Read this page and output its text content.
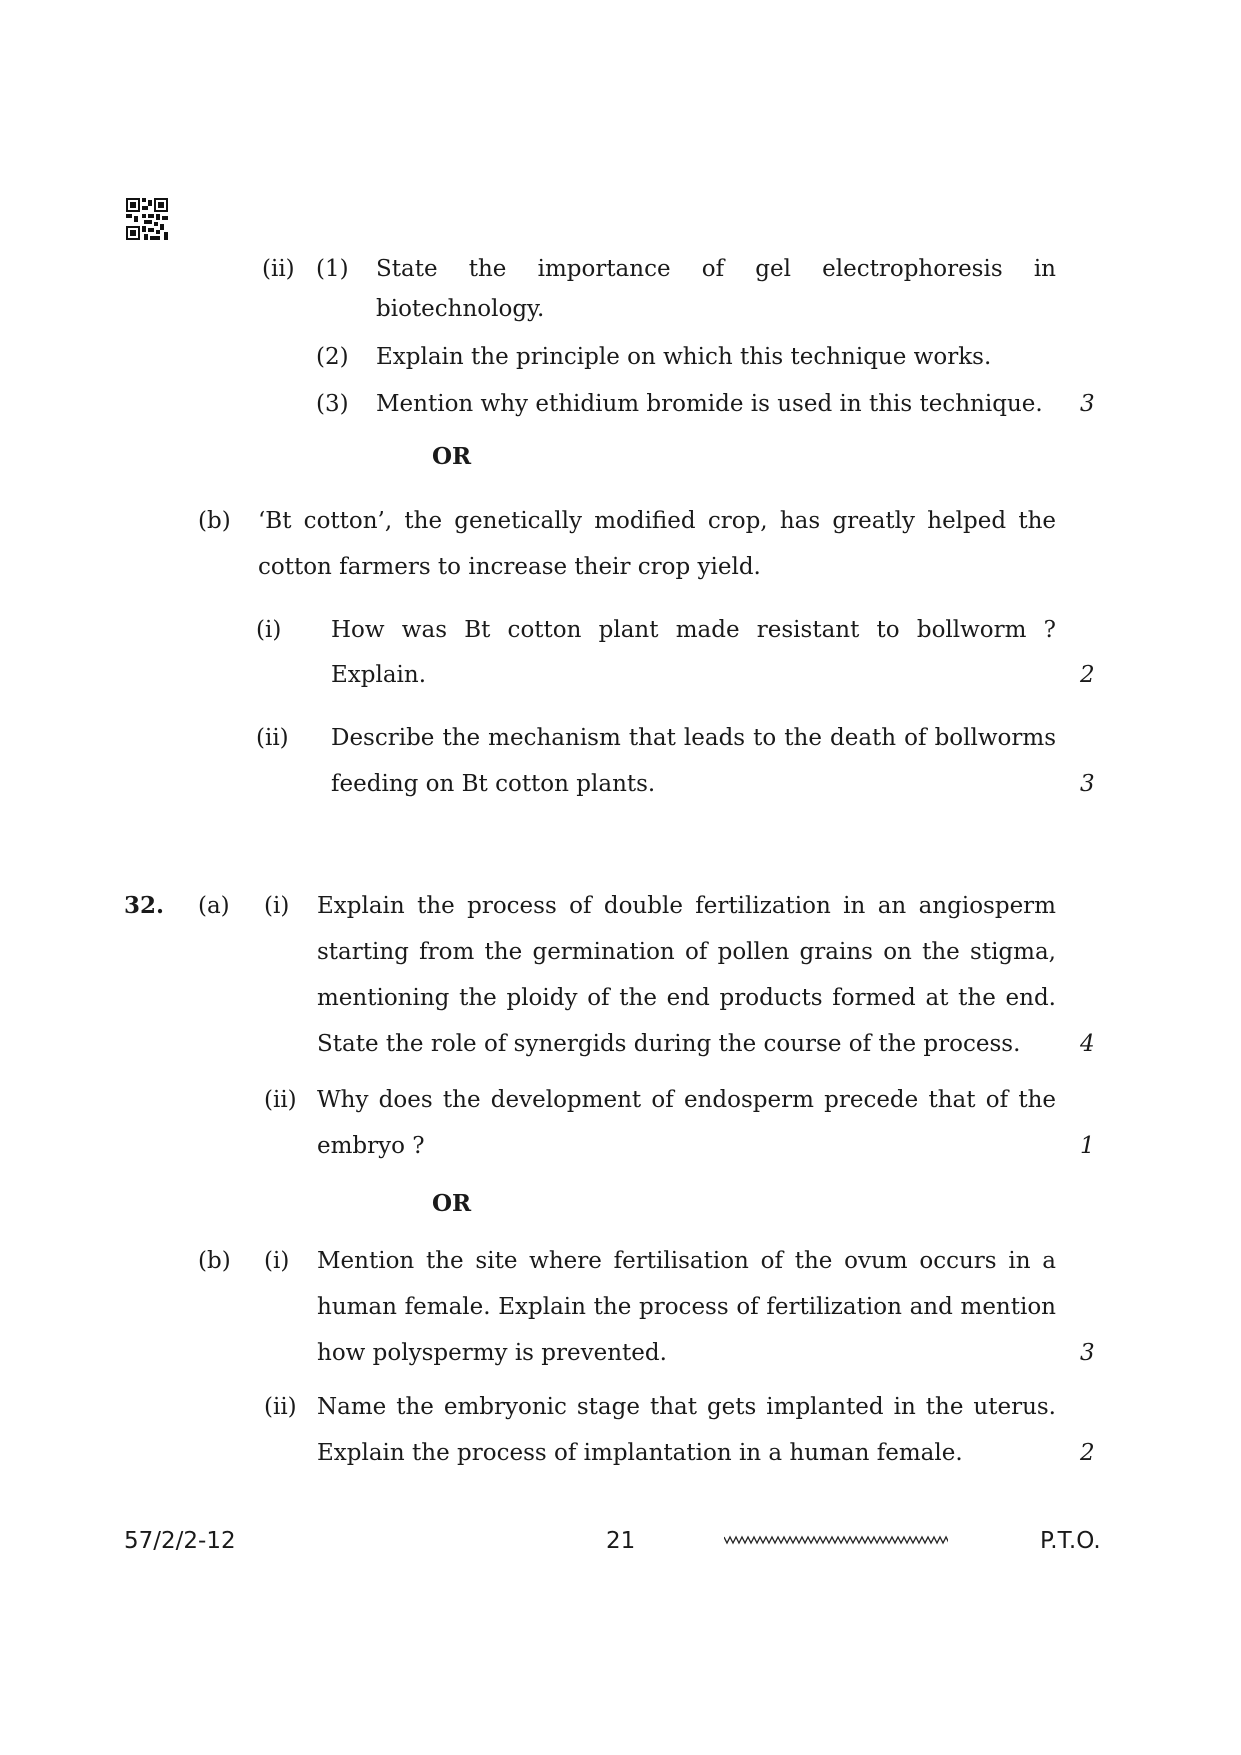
(ii) (1) State the importance of gel electrophoresis in
biotechnology.
(2) Explain the principle on which this technique works.
(3) Mention why ethidium bromide is used in this technique. 3
OR
(b) ‘Bt cotton’, the genetically modified crop, has greatly helped the
cotton farmers to increase their crop yield.
(i) How was Bt cotton plant made resistant to bollworm ?
Explain.	2
(ii) Describe the mechanism that leads to the death of bollworms
feeding on Bt cotton plants.	3
32. (a) (i) Explain the process of double fertilization in an angiosperm
starting from the germination of pollen grains on the stigma,
mentioning the ploidy of the end products formed at the end.
State the role of synergids during the course of the process.	4
(ii) Why does the development of endosperm precede that of the
embryo ?	1
OR
(b) (i) Mention the site where fertilisation of the ovum occurs in a
human female. Explain the process of fertilization and mention
how polyspermy is prevented.	3
(ii) Name the embryonic stage that gets implanted in the uterus.
Explain the process of implantation in a human female.	2
57/2/2-12	21	P.T.O.
